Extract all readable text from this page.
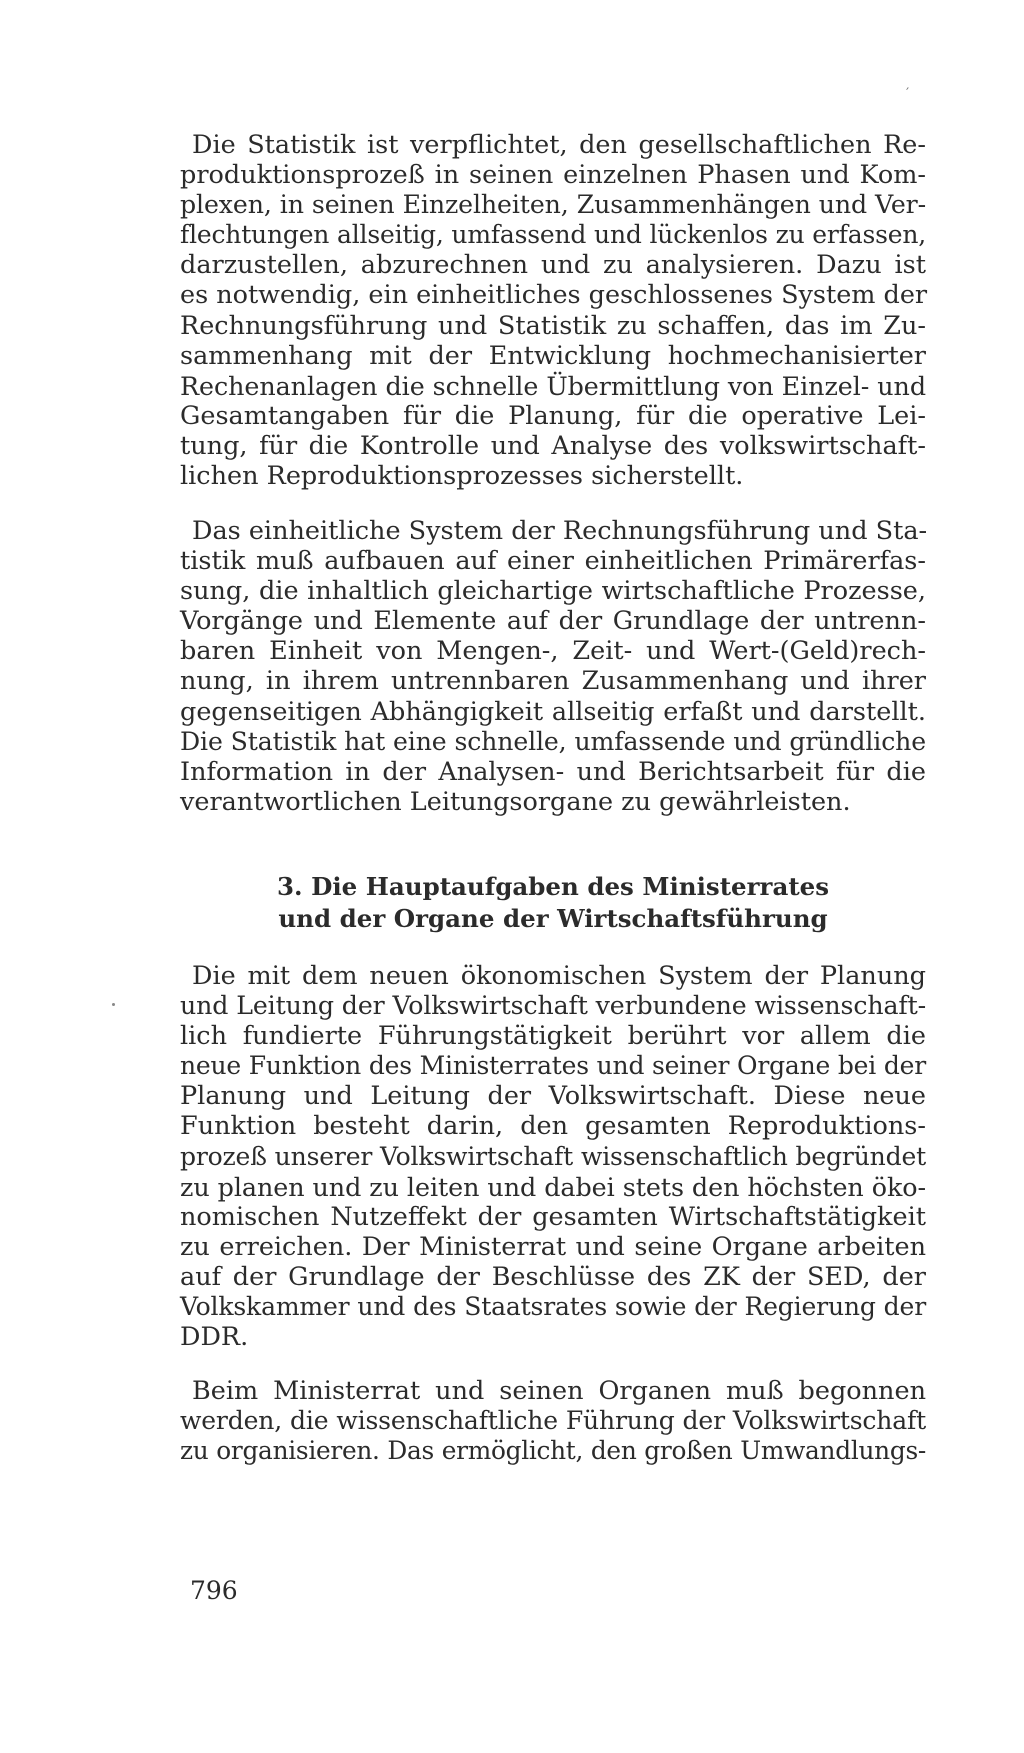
′
Die Statistik ist verpflichtet, den gesellschaftlichen Re-
produktionsprozeß in seinen einzelnen Phasen und Kom-
plexen, in seinen Einzelheiten, Zusammenhängen und Ver-
flechtungen allseitig, umfassend und lückenlos zu erfassen,
darzustellen, abzurechnen und zu analysieren. Dazu ist
es notwendig, ein einheitliches geschlossenes System der
Rechnungsführung und Statistik zu schaffen, das im Zu-
sammenhang mit der Entwicklung hochmechanisierter
Rechenanlagen die schnelle Übermittlung von Einzel- und
Gesamtangaben für die Planung, für die operative Lei-
tung, für die Kontrolle und Analyse des volkswirtschaft-
lichen Reproduktionsprozesses sicherstellt.
Das einheitliche System der Rechnungsführung und Sta-
tistik muß aufbauen auf einer einheitlichen Primärerfas-
sung, die inhaltlich gleichartige wirtschaftliche Prozesse,
Vorgänge und Elemente auf der Grundlage der untrenn-
baren Einheit von Mengen-, Zeit- und Wert-(Geld)rech-
nung, in ihrem untrennbaren Zusammenhang und ihrer
gegenseitigen Abhängigkeit allseitig erfaßt und darstellt.
Die Statistik hat eine schnelle, umfassende und gründliche
Information in der Analysen- und Berichtsarbeit für die
verantwortlichen Leitungsorgane zu gewährleisten.
3. Die Hauptaufgaben des Ministerrates
und der Organe der Wirtschaftsführung
Die mit dem neuen ökonomischen System der Planung
und Leitung der Volkswirtschaft verbundene wissenschaft-
lich fundierte Führungstätigkeit berührt vor allem die
neue Funktion des Ministerrates und seiner Organe bei der
Planung und Leitung der Volkswirtschaft. Diese neue
Funktion besteht darin, den gesamten Reproduktions-
prozeß unserer Volkswirtschaft wissenschaftlich begründet
zu planen und zu leiten und dabei stets den höchsten öko-
nomischen Nutzeffekt der gesamten Wirtschaftstätigkeit
zu erreichen. Der Ministerrat und seine Organe arbeiten
auf der Grundlage der Beschlüsse des ZK der SED, der
Volkskammer und des Staatsrates sowie der Regierung der
DDR.
Beim Ministerrat und seinen Organen muß begonnen
werden, die wissenschaftliche Führung der Volkswirtschaft
zu organisieren. Das ermöglicht, den großen Umwandlungs-
796
